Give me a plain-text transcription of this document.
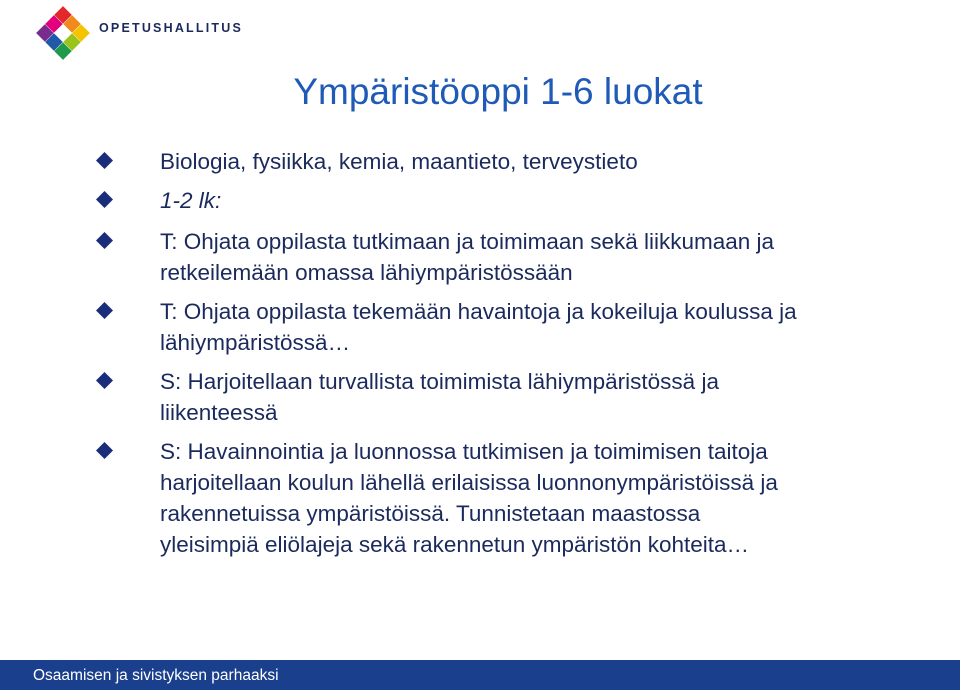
OPETUSHALLITUS

Ympäristöoppi 1-6 luokat

Biologia, fysiikka, kemia, maantieto, terveystieto

1-2 lk:

T: Ohjata oppilasta tutkimaan ja toimimaan sekä liikkumaan ja
retkeilemään omassa lähiympäristössään

T: Ohjata oppilasta tekemään havaintoja ja kokeiluja koulussa ja
lähiympäristössä…

S: Harjoitellaan turvallista toimimista lähiympäristössä ja
liikenteessä

S: Havainnointia ja luonnossa tutkimisen ja toimimisen taitoja
harjoitellaan koulun lähellä erilaisissa luonnonympäristöissä ja
rakennetuissa ympäristöissä. Tunnistetaan maastossa
yleisimpiä eliölajeja sekä rakennetun ympäristön kohteita…

Osaamisen ja sivistyksen parhaaksi
